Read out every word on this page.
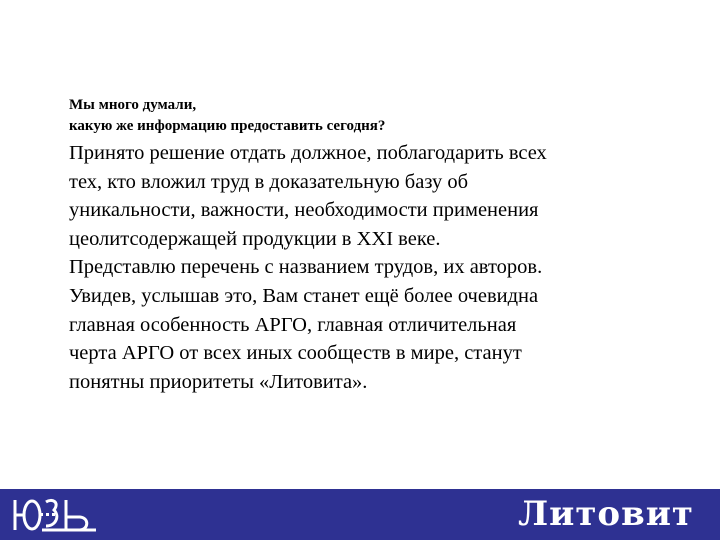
Мы много думали,
какую же информацию предоставить сегодня?

Принято решение отдать должное, поблагодарить всех
тех, кто вложил труд в доказательную базу об
уникальности, важности, необходимости применения
цеолитсодержащей продукции в XXI веке.
Представлю перечень с названием трудов, их авторов.
Увидев, услышав это, Вам станет ещё более очевидна
главная особенность АРГО, главная отличительная
черта АРГО от всех иных сообществ в мире, станут
понятны приоритеты «Литовита».

Литовит
